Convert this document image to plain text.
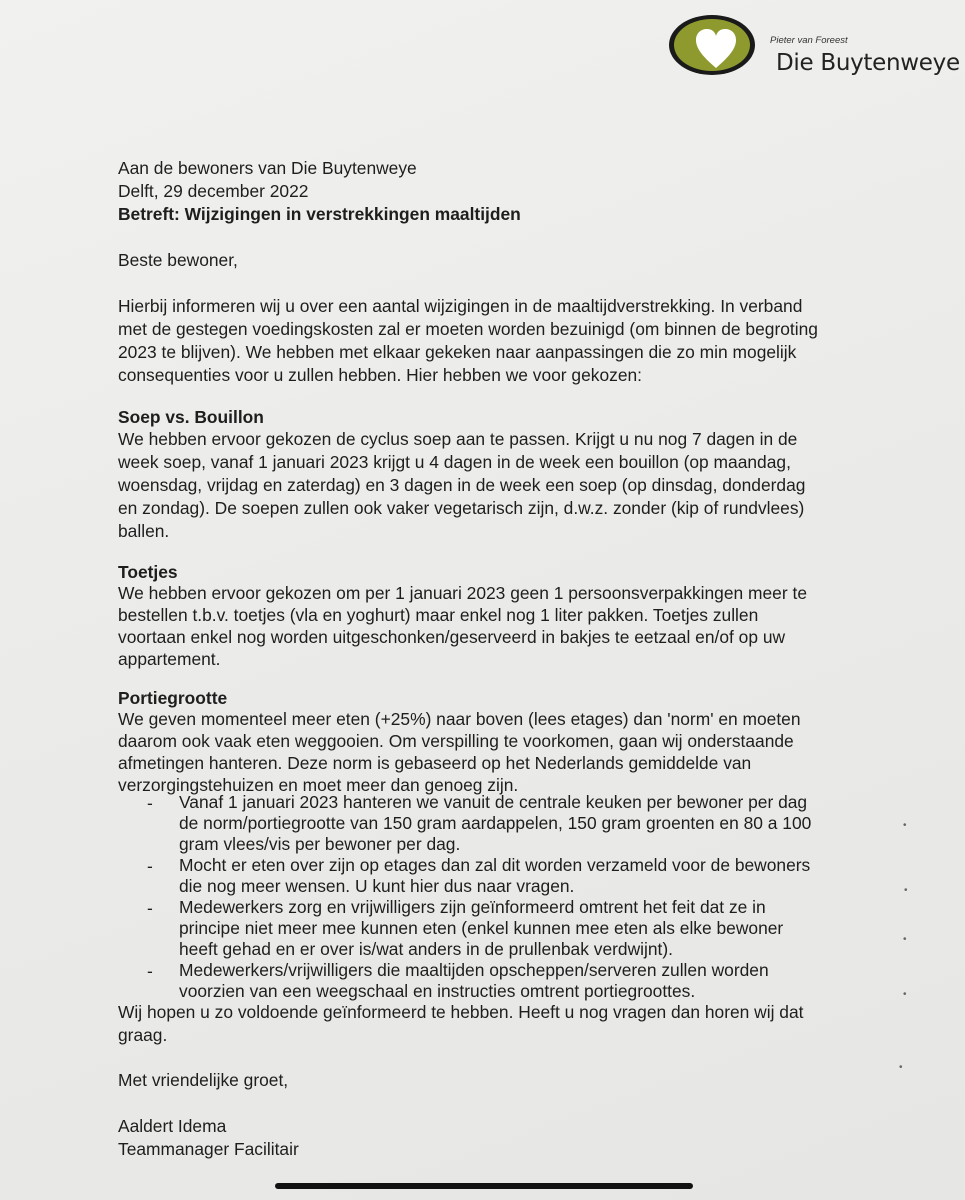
Pieter van Foreest
Die Buytenweye
Aan de bewoners van Die Buytenweye
Delft, 29 december 2022
Betreft: Wijzigingen in verstrekkingen maaltijden
Beste bewoner,
Hierbij informeren wij u over een aantal wijzigingen in de maaltijdverstrekking. In verband
met de gestegen voedingskosten zal er moeten worden bezuinigd (om binnen de begroting
2023 te blijven). We hebben met elkaar gekeken naar aanpassingen die zo min mogelijk
consequenties voor u zullen hebben. Hier hebben we voor gekozen:
Soep vs. Bouillon
We hebben ervoor gekozen de cyclus soep aan te passen. Krijgt u nu nog 7 dagen in de
week soep, vanaf 1 januari 2023 krijgt u 4 dagen in de week een bouillon (op maandag,
woensdag, vrijdag en zaterdag) en 3 dagen in de week een soep (op dinsdag, donderdag
en zondag). De soepen zullen ook vaker vegetarisch zijn, d.w.z. zonder (kip of rundvlees)
ballen.
Toetjes
We hebben ervoor gekozen om per 1 januari 2023 geen 1 persoonsverpakkingen meer te
bestellen t.b.v. toetjes (vla en yoghurt) maar enkel nog 1 liter pakken. Toetjes zullen
voortaan enkel nog worden uitgeschonken/geserveerd in bakjes te eetzaal en/of op uw
appartement.
Portiegrootte
We geven momenteel meer eten (+25%) naar boven (lees etages) dan 'norm' en moeten
daarom ook vaak eten weggooien. Om verspilling te voorkomen, gaan wij onderstaande
afmetingen hanteren. Deze norm is gebaseerd op het Nederlands gemiddelde van
verzorgingstehuizen en moet meer dan genoeg zijn.
- Vanaf 1 januari 2023 hanteren we vanuit de centrale keuken per bewoner per dag
de norm/portiegrootte van 150 gram aardappelen, 150 gram groenten en 80 a 100
gram vlees/vis per bewoner per dag.
- Mocht er eten over zijn op etages dan zal dit worden verzameld voor de bewoners
die nog meer wensen. U kunt hier dus naar vragen.
- Medewerkers zorg en vrijwilligers zijn geïnformeerd omtrent het feit dat ze in
principe niet meer mee kunnen eten (enkel kunnen mee eten als elke bewoner
heeft gehad en er over is/wat anders in de prullenbak verdwijnt).
- Medewerkers/vrijwilligers die maaltijden opscheppen/serveren zullen worden
voorzien van een weegschaal en instructies omtrent portiegroottes.
Wij hopen u zo voldoende geïnformeerd te hebben. Heeft u nog vragen dan horen wij dat
graag.
Met vriendelijke groet,
Aaldert Idema
Teammanager Facilitair
•
•
•
•
•
